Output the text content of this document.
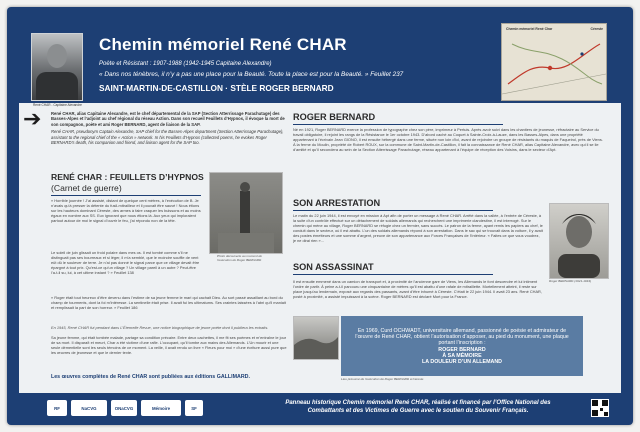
Chemin mémoriel René CHAR
Poète et Résistant : 1907-1988 (1942-1945 Capitaine Alexandre)
« Dans nos ténèbres, il n’y a pas une place pour la Beauté. Toute la place est pour la Beauté. » Feuillet 237
SAINT-MARTIN-DE-CASTILLON · STÈLE ROGER BERNARD
Chemin mémoriel René Char	Céreste
René CHAR - Capitaine Alexandre
➔ René CHAR, alias Capitaine Alexandre, est le chef départemental de la SAP (Section Atterrissage Parachutage) des Basses-Alpes et l’adjoint au chef régional du réseau Action. Dans son recueil Feuillets d’Hypnos, il évoque la mort de son compagnon, poète et ami Roger BERNARD, agent de liaison de la SAP.

René CHAR, pseudonym Captain Alexandre, SAP chief for the Basses-Alpes department (Section Atterrissage Parachutage), assistant to the regional chief of the « Action » network. In his Feuillets d’Hypnos (collected poems, he evokes Roger BERNARD’s death, his companion and friend, and liaison agent for the SAP too.

RENÉ CHAR : FEUILLETS D’HYPNOS
(Carnet de guerre)
« Horrible journée ! J’ai assisté, distant de quelque cent mètres, à l’exécution de B. Je n’avais qu’à presser la détente du fusil-mitrailleur et il pouvait être sauvé ! Nous étions sur les hauteurs dominant Céreste, des armes à faire craquer les buissons et au moins égaux en nombre aux SS. Eux ignorant que nous étions là. Aux yeux qui imploraient partout autour de moi le signal d’ouvrir le feu, j’ai répondu non de la tête.
Le soleil de juin glissait un froid polaire dans mes os. Il est tombé comme s’il ne distinguait pas ses bourreaux et si léger, il m’a semblé, que le moindre souffle de vent eût dû le soulever de terre. Je n’ai pas donné le signal parce que ce village devait être épargné à tout prix. Qu’est-ce qu’un village ? Un village pareil à un autre ? Peut-être l’a-t-il su, lui, à cet ultime instant ? » Feuillet 138
« Roger était tout heureux d’être devenu dans l’estime de sa jeune femme le mari qui cachait Dieu. Au sort passé assaillant au bord du champ de tourments, dont la foi m’intéresse. La sentinelle était prise. Il avait fui les ultimatums. Ses craintes laissées à l’abri qu’il maniait et remplissait la part de son horreur. » Feuillet 186
Photo découverte au moment de l’exécution de Roger BERNARD
En 1945, René CHAR fut pendant dans L’Éternelle Revue, une notice biographique de jeune poète dont il publiera les extraits.
Sa jeune femme, qui était tombée malade, partage sa condition précaire. Entre deux cachettes, il me fit ses poèmes et m’entraîne le jour de sa mort. Il disparaît et meurt, Char a été victime d’une rafle. L’occupant, qu’il tombe aux mains des Allemands. L’Un mourir et une seule démentielle sont les seuls témoins de ce moment. La veille, il avait rendu un livre « Fleurs pour moi » d’une écriture aussi pure que les œuvres de jeunesse et que le dernier texte.
Les œuvres complètes de René CHAR sont publiées aux éditions GALLIMARD.
ROGER BERNARD
Né en 1921, Roger BERNARD exerce la profession de typographe chez son père, imprimeur à Pertuis. Après avoir suivi dans les chantiers de jeunesse, réfractaire au Service du travail obligatoire, il rejoint les rangs de la Résistance le 1er octobre 1943. D’abord caché au Coquet à Sainte-Croix-à-Lauze, dans les Basses-Alpes, dans une propriété appartenant à l’écrivain Jean GIONO, il est ensuite hébergé dans une ferme, située non loin d’ici, avant de rejoindre un groupe de résistants du maquis de Faqueirol, près de Viens. À la ferme du Moulin, propriété de Robert ROUX, sur la commune de Saint-Martin-de-Castillon, il fait la connaissance de René CHAR, alias Capitaine Alexandre, avec qui il se lie d’amitié et qu’il secondera au sein de la Section Atterrissage Parachutage, réseau appartenant à l’équipe de réception des Voisins, dans le secteur d’Apt.
SON ARRESTATION
Le matin du 22 juin 1944, il est envoyé en mission à Apt afin de porter un message à René CHAR. Arrêté dans la vallée, à l’entrée de Céreste, à la suite d’un contrôle effectué sur un détachement de soldats allemands qui recherchent une imprimerie clandestine, il est interrogé. Sur le chemin qui mène au village, Roger BERNARD se réfugie chez un fermier, sans succès. Le patron de la ferme, ayant remis les papiers au chef, le conduit dans le secteur, où il est abattu. L’un des soldats allemands répond à son arrestation. Dans le sac qui se trouvait dans la voiture, il y avait des postes émetteurs et une somme d’argent, preuve de son appartenance aux Forces Françaises de l’Intérieur. « Faites ce que vous voudrez, je ne dirai rien »...
Roger BERNARD (1921-1944)
SON ASSASSINAT
Il est ensuite emmené dans un camion de transport et, à proximité de l’ancienne gare de Viens, les Allemands le font descendre et lui intiment l’ordre de partir. À peine a-t-il parcouru une cinquantaine de mètres qu’il est abattu d’une rafale de mitraillette. Mortellement atteint, il reste sur place jusqu’au lendemain, exposé aux regards des passants, avant d’être inhumé à Céreste. C’était le 22 juin 1944. Il avait 23 ans. René CHAR, posté à proximité, a assisté impuissant à la scène. Roger BERNARD est déclaré Mort pour la France.
Lieu présumé de l’exécution de Roger BERNARD à Céreste
En 1969, Curd OCHWADT, universitaire allemand, passionné de poésie et admirateur de l’œuvre de René CHAR, obtient l’autorisation d’apposer, au pied du monument, une plaque portant l’inscription :
ROGER BERNARD
À SA MÉMOIRE
LA DOULEUR D’UN ALLEMAND
RF	NaCVG	ONaCVG	Mémoire	SF
Panneau historique Chemin mémoriel René CHAR, réalisé et financé par l’Office National des
Combattants et des Victimes de Guerre avec le soutien du Souvenir Français.
